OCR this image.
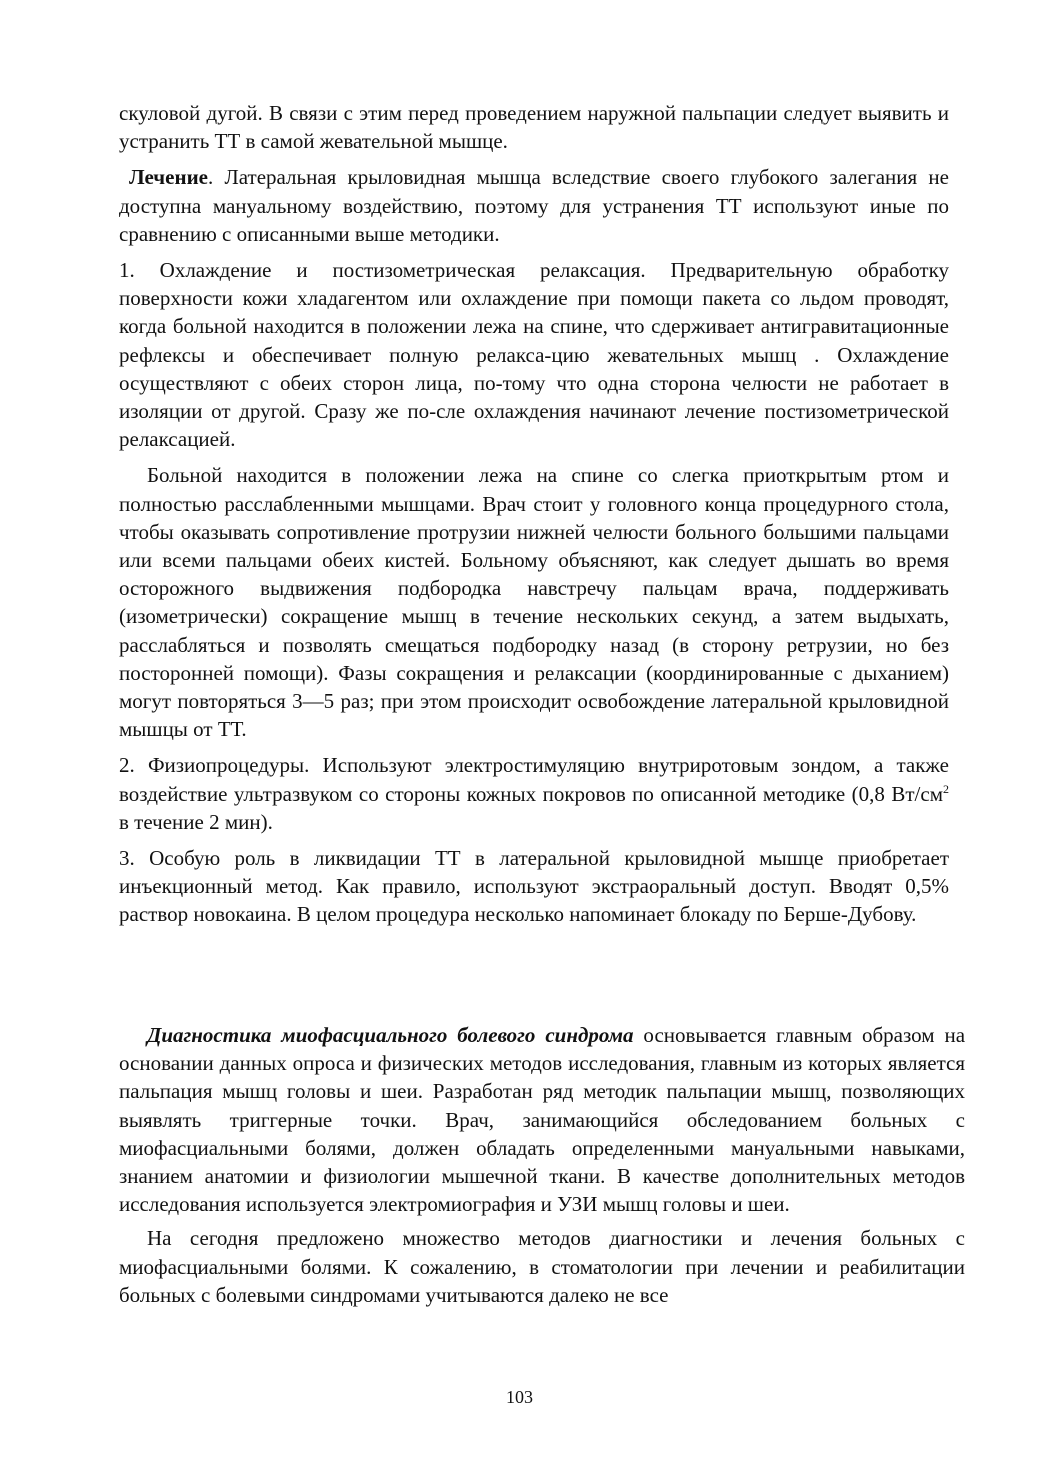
скуловой дугой. В связи с этим перед проведением наружной пальпации следует выявить и устранить ТТ в самой жевательной мышце.

Лечение. Латеральная крыловидная мышца вследствие своего глубокого залегания не доступна мануальному воздействию, поэтому для устранения ТТ используют иные по сравнению с описанными выше методики.

1. Охлаждение и постизометрическая релаксация. Предварительную обработку поверхности кожи хладагентом или охлаждение при помощи пакета со льдом проводят, когда больной находится в положении лежа на спине, что сдерживает антигравитационные рефлексы и обеспечивает полную релакса-цию жевательных мышц . Охлаждение осуществляют с обеих сторон лица, по-тому что одна сторона челюсти не работает в изоляции от другой. Сразу же по-сле охлаждения начинают лечение постизометрической релаксацией.

Больной находится в положении лежа на спине со слегка приоткрытым ртом и полностью расслабленными мышцами. Врач стоит у головного конца процедурного стола, чтобы оказывать сопротивление протрузии нижней челюсти больного большими пальцами или всеми пальцами обеих кистей. Больному объясняют, как следует дышать во время осторожного выдвижения подбородка навстречу пальцам врача, поддерживать (изометрически) сокращение мышц в течение нескольких секунд, а затем выдыхать, расслабляться и позволять смещаться подбородку назад (в сторону ретрузии, но без посторонней помощи). Фазы сокращения и релаксации (координированные с дыханием) могут повторяться 3—5 раз; при этом происходит освобождение латеральной крыловидной мышцы от ТТ.

2. Физиопроцедуры. Используют электростимуляцию внутриротовым зондом, а также воздействие ультразвуком со стороны кожных покровов по описанной методике (0,8 $Вт/см^2$ в течение 2 мин).

3. Особую роль в ликвидации ТТ в латеральной крыловидной мышце приобретает инъекционный метод. Как правило, используют экстраоральный доступ. Вводят 0,5% раствор новокаина. В целом процедура несколько напоминает блокаду по Берше-Дубову.

Диагностика миофасциального болевого синдрома основывается главным образом на основании данных опроса и физических методов исследования, главным из которых является пальпация мышц головы и шеи. Разработан ряд методик пальпации мышц, позволяющих выявлять триггерные точки. Врач, занимающийся обследованием больных с миофасциальными болями, должен обладать определенными мануальными навыками, знанием анатомии и физиологии мышечной ткани. В качестве дополнительных методов исследования используется электромиография и УЗИ мышц головы и шеи.

На сегодня предложено множество методов диагностики и лечения больных с миофасциальными болями. К сожалению, в стоматологии при лечении и реабилитации больных с болевыми синдромами учитываются далеко не все

103
